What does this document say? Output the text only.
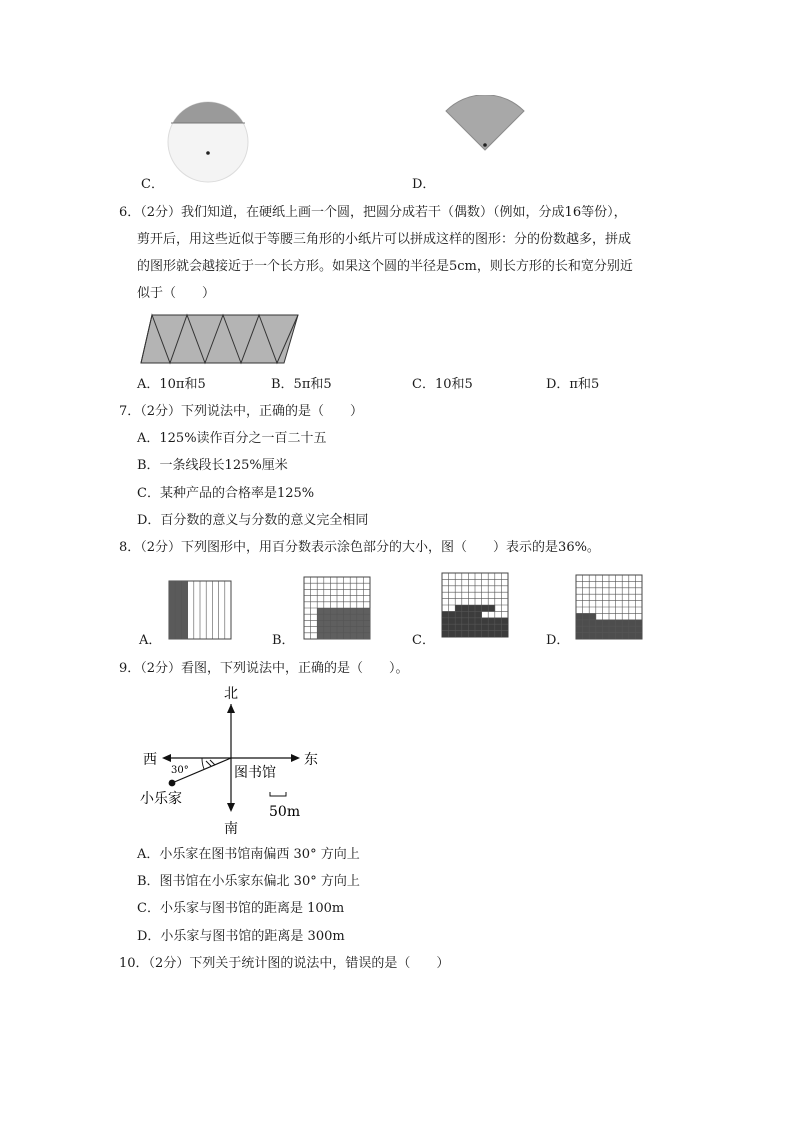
C．	D．
6．（2分）我们知道，在硬纸上画一个圆，把圆分成若干（偶数）（例如，分成16等份），
剪开后，用这些近似于等腰三角形的小纸片可以拼成这样的图形：分的份数越多，拼成
的图形就会越接近于一个长方形。如果这个圆的半径是5cm，则长方形的长和宽分别近
似于（　　）
A．10π和5	B．5π和5	C．10和5	D．π和5
7．（2分）下列说法中，正确的是（　　）
A．125%读作百分之一百二十五
B．一条线段长125%厘米
C．某种产品的合格率是125%
D．百分数的意义与分数的意义完全相同
8．（2分）下列图形中，用百分数表示涂色部分的大小，图（　　）表示的是36%。
A．	B．	C．	D．
9．（2分）看图，下列说法中，正确的是（　　）。
北
南
东
西
30°	图书馆
小乐家
50m
A．小乐家在图书馆南偏西 30° 方向上
B．图书馆在小乐家东偏北 30° 方向上
C．小乐家与图书馆的距离是 100m
D．小乐家与图书馆的距离是 300m
10．（2分）下列关于统计图的说法中，错误的是（　　）
